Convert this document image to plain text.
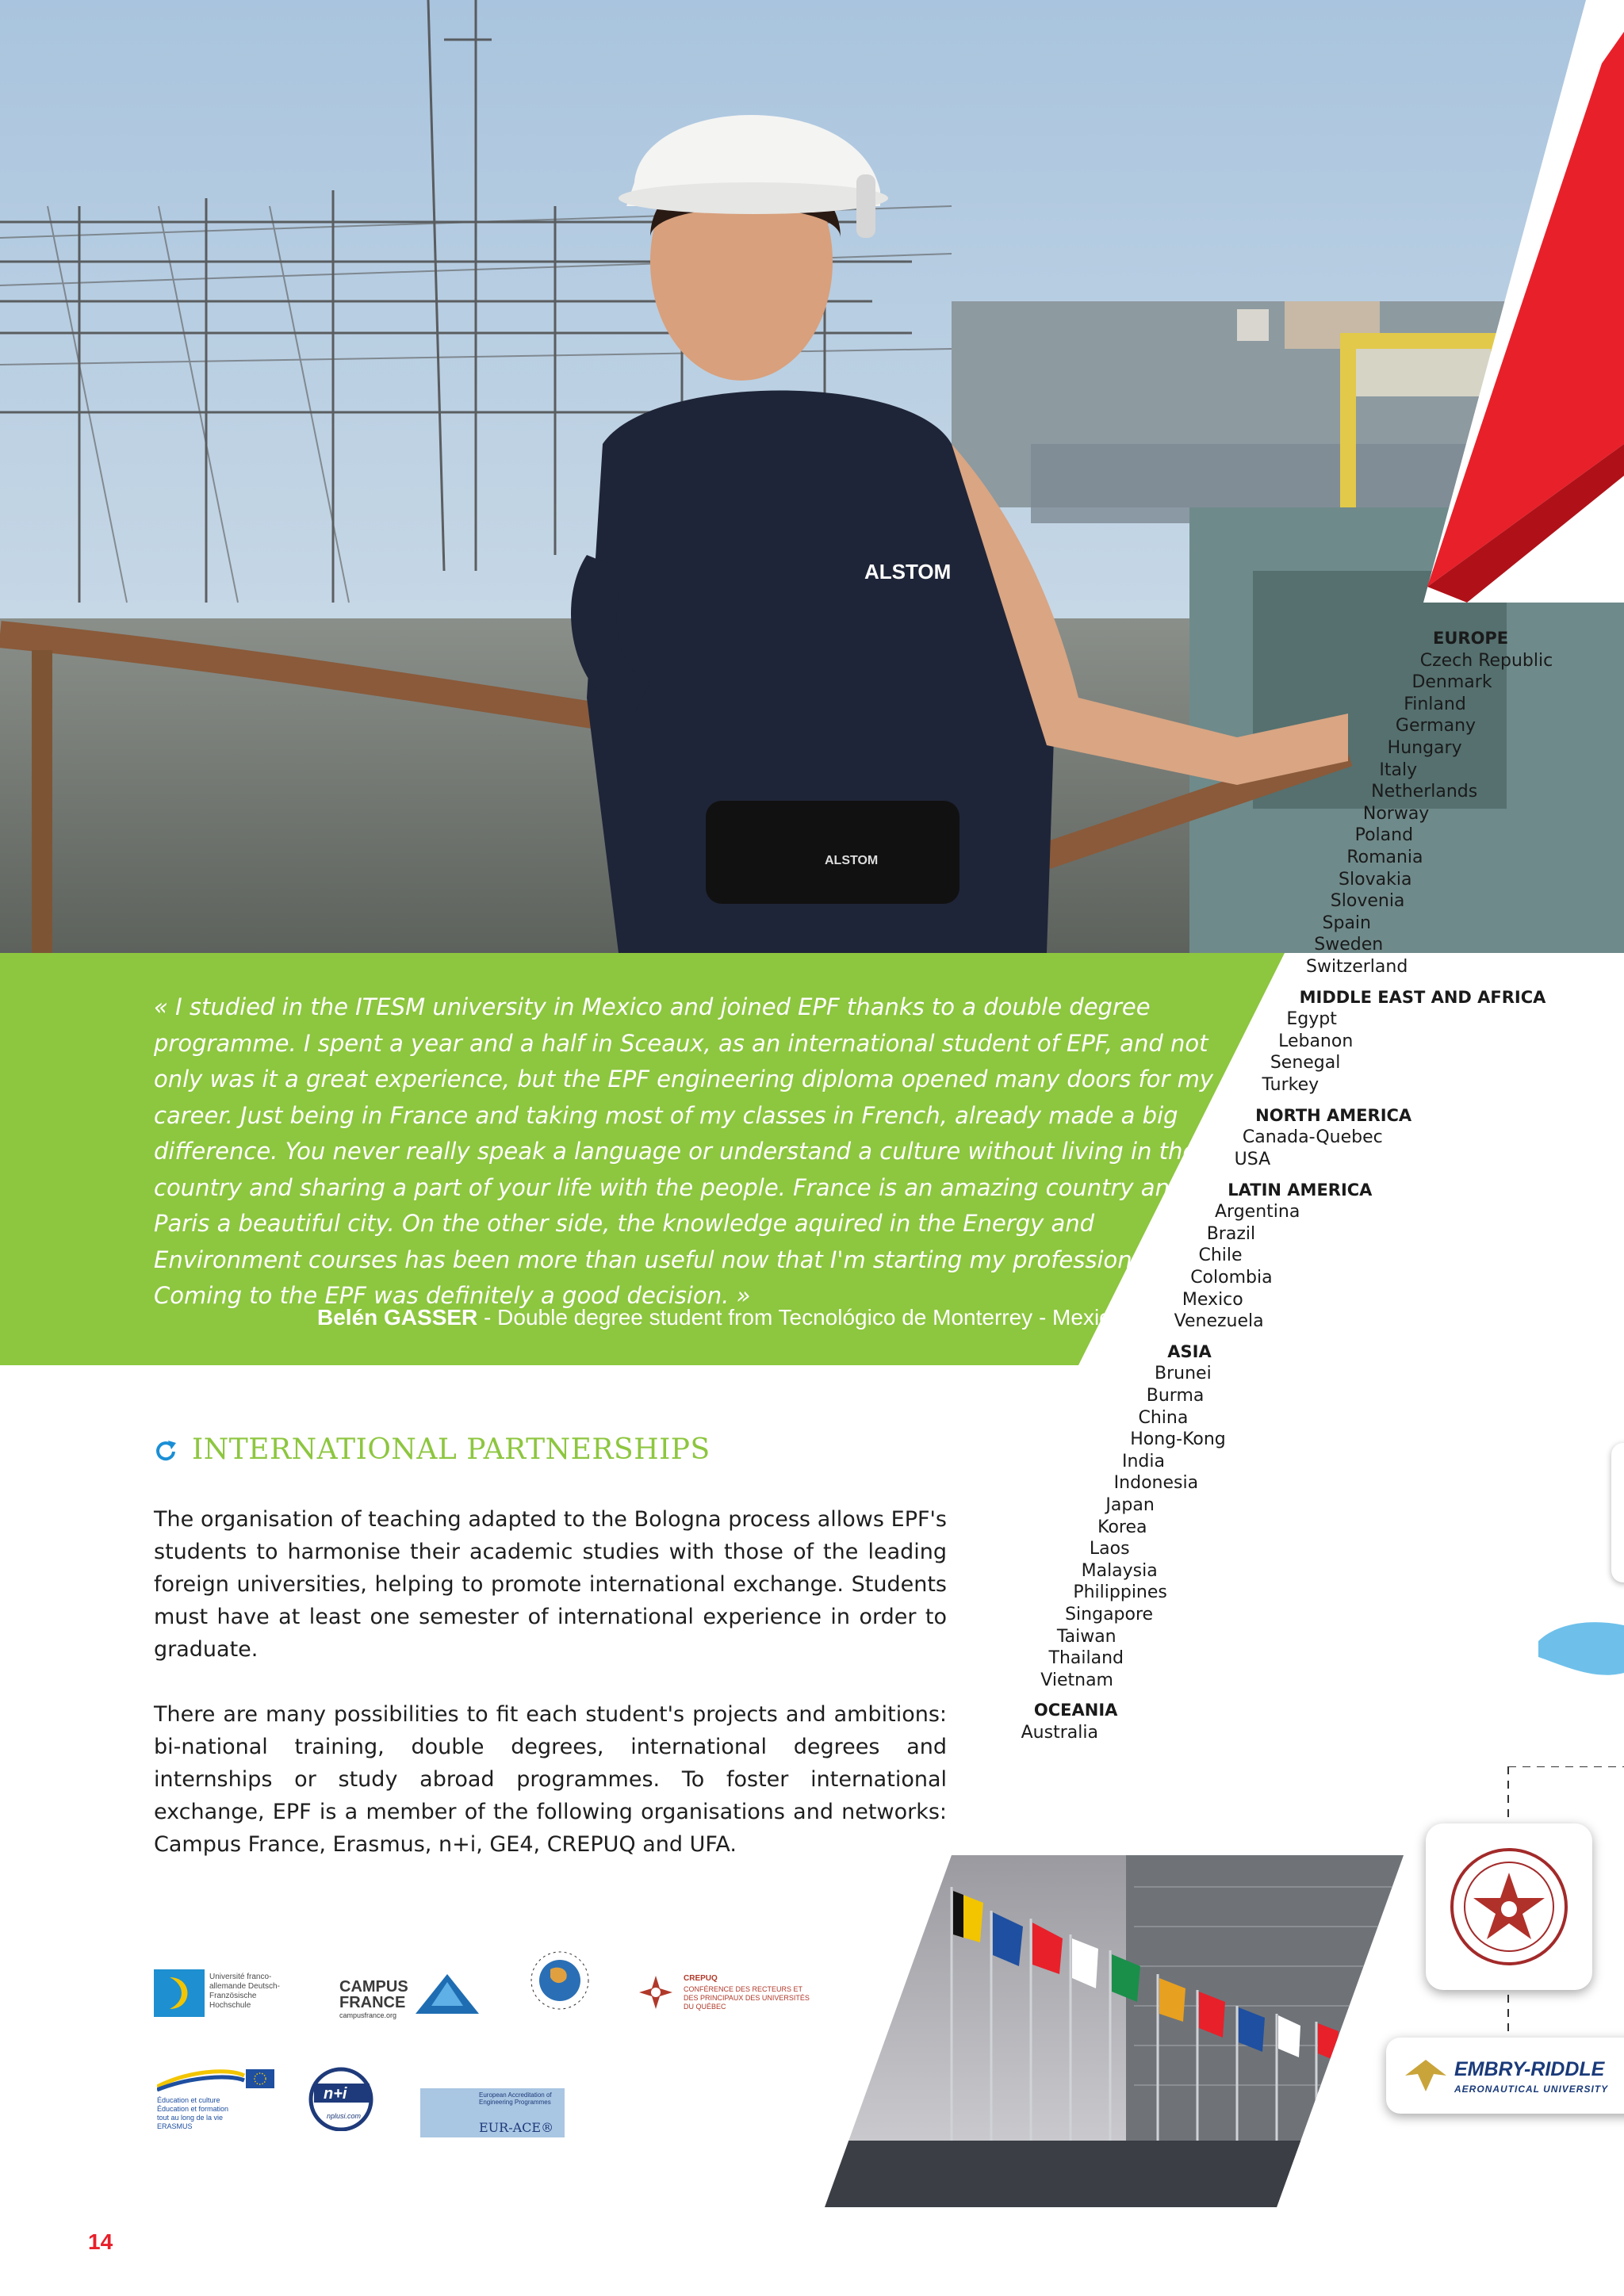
ALSTOM
ALSTOM
« I studied in the ITESM university in Mexico and joined EPF thanks to a double degree programme. I spent a year and a half in Sceaux, as an international student of EPF, and not only was it a great experience, but the EPF engineering diploma opened many doors for my career. Just being in France and taking most of my classes in French, already made a big difference. You never really speak a language or understand a culture without living in the country and sharing a part of your life with the people. France is an amazing country and Paris a beautiful city. On the other side, the knowledge aquired in the Energy and Environment courses has been more than useful now that I'm starting my professional life. Coming to the EPF was definitely a good decision. »
Belén GASSER - Double degree student from Tecnológico de Monterrey - Mexico
EUROPE
Czech Republic
Denmark
Finland
Germany
Hungary
Italy
Netherlands
Norway
Poland
Romania
Slovakia
Slovenia
Spain
Sweden
Switzerland
MIDDLE EAST AND AFRICA
Egypt
Lebanon
Senegal
Turkey
NORTH AMERICA
Canada-Quebec
USA
LATIN AMERICA
Argentina
Brazil
Chile
Colombia
Mexico
Venezuela
ASIA
Brunei
Burma
China
Hong-Kong
India
Indonesia
Japan
Korea
Laos
Malaysia
Philippines
Singapore
Taiwan
Thailand
Vietnam
OCEANIA
Australia
INTERNATIONAL PARTNERSHIPS

The organisation of teaching adapted to the Bologna process allows EPF's students to harmonise their academic studies with those of the leading foreign universities, helping to promote international exchange. Students must have at least one semester of international experience in order to graduate.

There are many possibilities to fit each student's projects and ambitions: bi-national training, double degrees, international degrees and internships or study abroad programmes. To foster international exchange, EPF is a member of the following organisations and networks: Campus France, Erasmus, n+i, GE4, CREPUQ and UFA.

Université franco-allemande Deutsch-Französische Hochschule
CAMPUS
FRANCE
campusfrance.org
CREPUQ
CONFÉRENCE DES RECTEURS ET DES PRINCIPAUX DES UNIVERSITÉS DU QUÉBEC
Éducation et culture Éducation et formation tout au long de la vie ERASMUS
n+i
nplusi.com
European Accreditation of Engineering Programmes
EUR-ACE®
EMBRY-RIDDLE
AERONAUTICAL UNIVERSITY
14
